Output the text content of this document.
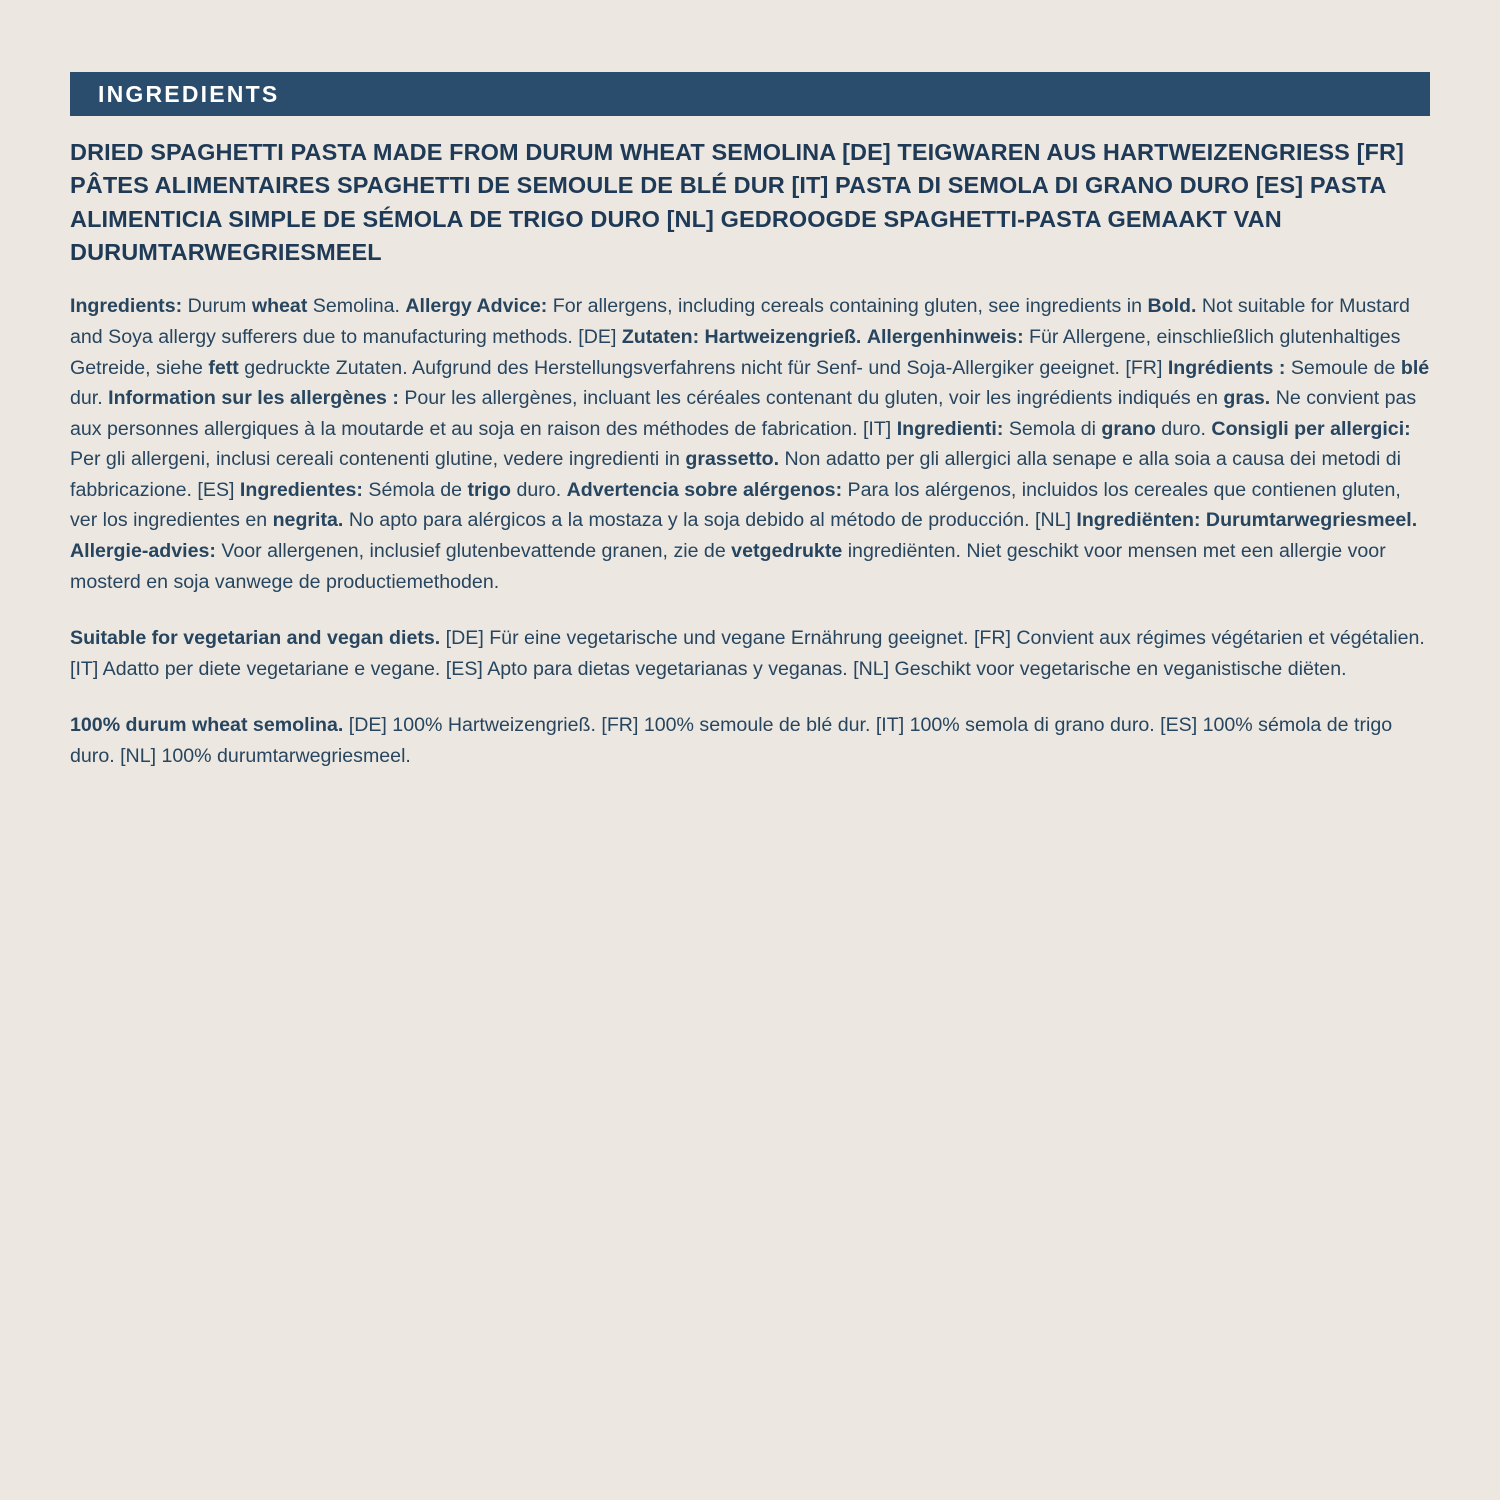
INGREDIENTS
DRIED SPAGHETTI PASTA MADE FROM DURUM WHEAT SEMOLINA [DE] TEIGWAREN AUS HARTWEIZENGRIESS [FR] PÂTES ALIMENTAIRES SPAGHETTI DE SEMOULE DE BLÉ DUR [IT] PASTA DI SEMOLA DI GRANO DURO [ES] PASTA ALIMENTICIA SIMPLE DE SÉMOLA DE TRIGO DURO [NL] GEDROOGDE SPAGHETTI-PASTA GEMAAKT VAN DURUMTARWEGRIESMEEL
Ingredients: Durum wheat Semolina. Allergy Advice: For allergens, including cereals containing gluten, see ingredients in Bold. Not suitable for Mustard and Soya allergy sufferers due to manufacturing methods. [DE] Zutaten: Hartweizengrieß. Allergenhinweis: Für Allergene, einschließlich glutenhaltiges Getreide, siehe fett gedruckte Zutaten. Aufgrund des Herstellungsverfahrens nicht für Senf- und Soja-Allergiker geeignet. [FR] Ingrédients : Semoule de blé dur. Information sur les allergènes : Pour les allergènes, incluant les céréales contenant du gluten, voir les ingrédients indiqués en gras. Ne convient pas aux personnes allergiques à la moutarde et au soja en raison des méthodes de fabrication. [IT] Ingredienti: Semola di grano duro. Consigli per allergici: Per gli allergeni, inclusi cereali contenenti glutine, vedere ingredienti in grassetto. Non adatto per gli allergici alla senape e alla soia a causa dei metodi di fabbricazione. [ES] Ingredientes: Sémola de trigo duro. Advertencia sobre alérgenos: Para los alérgenos, incluidos los cereales que contienen gluten, ver los ingredientes en negrita. No apto para alérgicos a la mostaza y la soja debido al método de producción. [NL] Ingrediënten: Durumtarwegriesmeel. Allergie-advies: Voor allergenen, inclusief glutenbevattende granen, zie de vetgedrukte ingrediënten. Niet geschikt voor mensen met een allergie voor mosterd en soja vanwege de productiemethoden.
Suitable for vegetarian and vegan diets. [DE] Für eine vegetarische und vegane Ernährung geeignet. [FR] Convient aux régimes végétarien et végétalien. [IT] Adatto per diete vegetariane e vegane. [ES] Apto para dietas vegetarianas y veganas. [NL] Geschikt voor vegetarische en veganistische diëten.
100% durum wheat semolina. [DE] 100% Hartweizengrieß. [FR] 100% semoule de blé dur. [IT] 100% semola di grano duro. [ES] 100% sémola de trigo duro. [NL] 100% durumtarwegriesmeel.
